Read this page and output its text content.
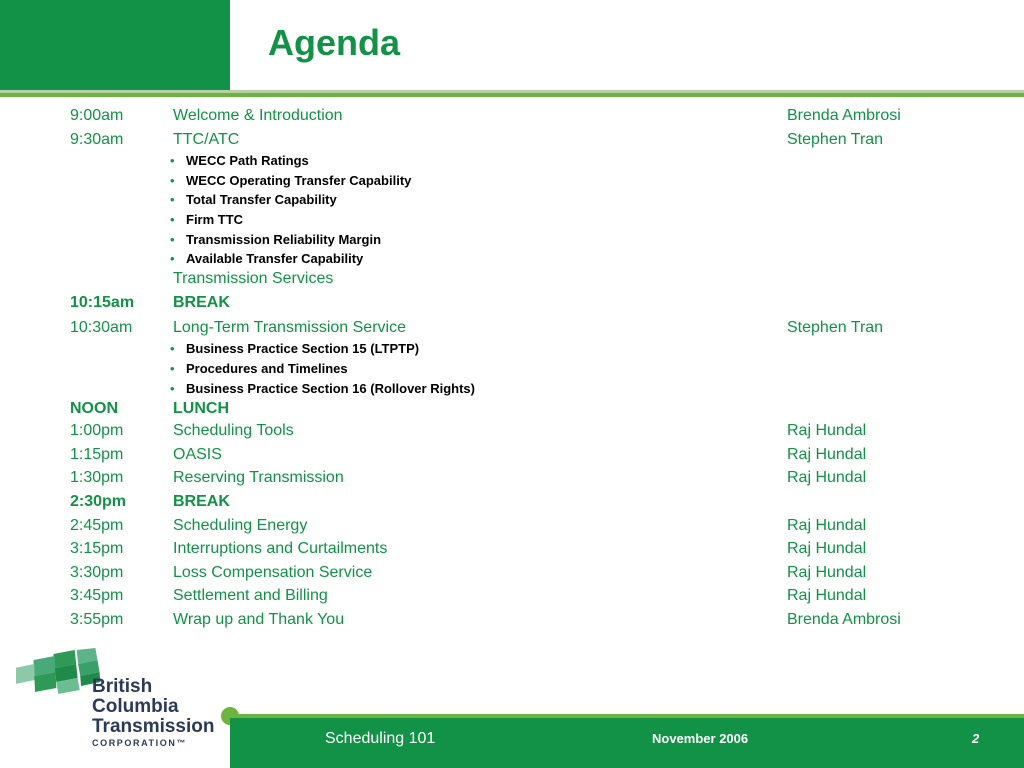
Agenda
9:00am	Welcome & Introduction	Brenda Ambrosi
9:30am	TTC/ATC	Stephen Tran
• WECC Path Ratings
• WECC Operating Transfer Capability
• Total Transfer Capability
• Firm TTC
• Transmission Reliability Margin
• Available Transfer Capability
Transmission Services
10:15am BREAK
10:30am	Long-Term Transmission Service	Stephen Tran
• Business Practice Section 15 (LTPTP)
• Procedures and Timelines
• Business Practice Section 16 (Rollover Rights)
NOON	LUNCH
1:00pm	Scheduling Tools	Raj Hundal
1:15pm	OASIS	Raj Hundal
1:30pm	Reserving Transmission	Raj Hundal
2:30pm	BREAK
2:45pm	Scheduling Energy	Raj Hundal
3:15pm	Interruptions and Curtailments	Raj Hundal
3:30pm	Loss Compensation Service	Raj Hundal
3:45pm	Settlement and Billing	Raj Hundal
3:55pm	Wrap up and Thank You	Brenda Ambrosi
British
Columbia
Transmission
CORPORATION™	Scheduling 101	November 2006	2
